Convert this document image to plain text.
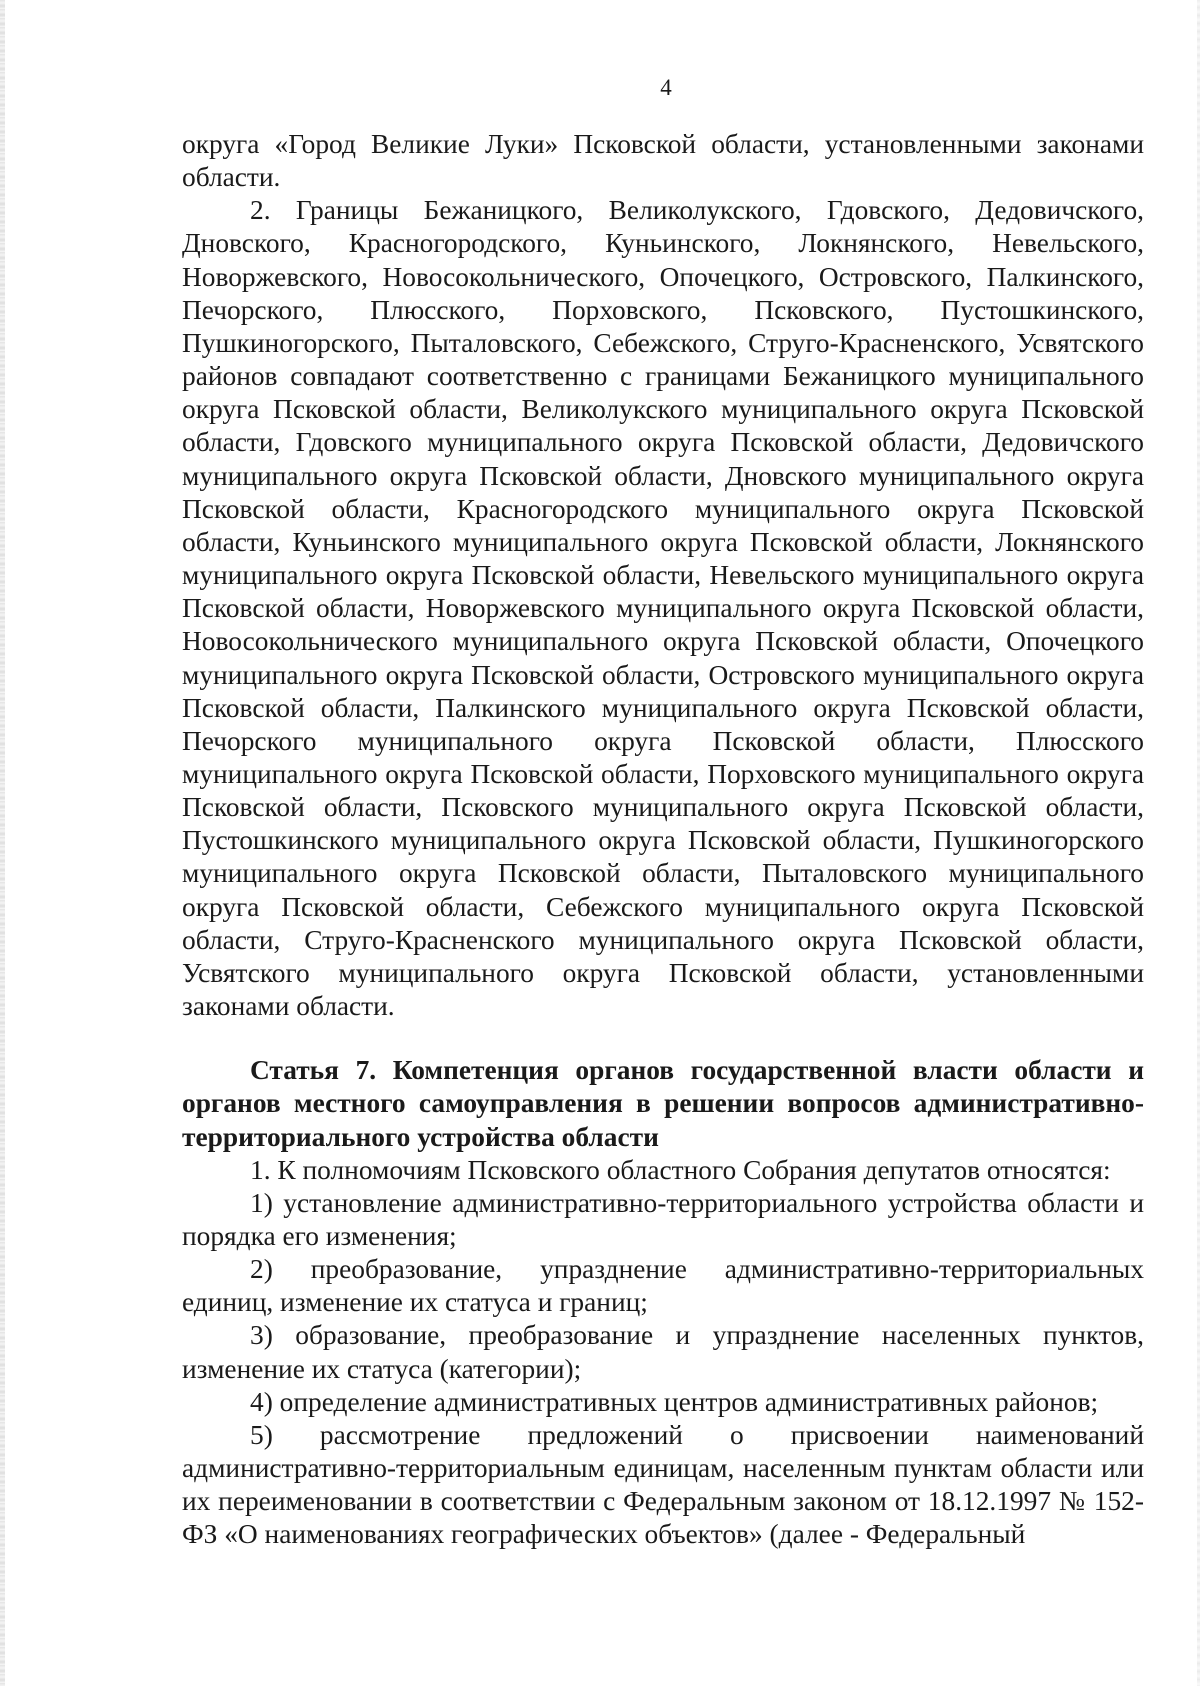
4

округа «Город Великие Луки» Псковской области, установленными законами области.

2. Границы Бежаницкого, Великолукского, Гдовского, Дедовичского, Дновского, Красногородского, Куньинского, Локнянского, Невельского, Новоржевского, Новосокольнического, Опочецкого, Островского, Палкинского, Печорского, Плюсского, Порховского, Псковского, Пустошкинского, Пушкиногорского, Пыталовского, Себежского, Струго-Красненского, Усвятского районов совпадают соответственно с границами Бежаницкого муниципального округа Псковской области, Великолукского муниципального округа Псковской области, Гдовского муниципального округа Псковской области, Дедовичского муниципального округа Псковской области, Дновского муниципального округа Псковской области, Красногородского муниципального округа Псковской области, Куньинского муниципального округа Псковской области, Локнянского муниципального округа Псковской области, Невельского муниципального округа Псковской области, Новоржевского муниципального округа Псковской области, Новосокольнического муниципального округа Псковской области, Опочецкого муниципального округа Псковской области, Островского муниципального округа Псковской области, Палкинского муниципального округа Псковской области, Печорского муниципального округа Псковской области, Плюсского муниципального округа Псковской области, Порховского муниципального округа Псковской области, Псковского муниципального округа Псковской области, Пустошкинского муниципального округа Псковской области, Пушкиногорского муниципального округа Псковской области, Пыталовского муниципального округа Псковской области, Себежского муниципального округа Псковской области, Струго-Красненского муниципального округа Псковской области, Усвятского муниципального округа Псковской области, установленными законами области.

Статья 7. Компетенция органов государственной власти области и органов местного самоуправления в решении вопросов административно-территориального устройства области

1. К полномочиям Псковского областного Собрания депутатов относятся:

1) установление административно-территориального устройства области и порядка его изменения;

2) преобразование, упразднение административно-территориальных единиц, изменение их статуса и границ;

3) образование, преобразование и упразднение населенных пунктов, изменение их статуса (категории);

4) определение административных центров административных районов;

5) рассмотрение предложений о присвоении наименований административно-территориальным единицам, населенным пунктам области или их переименовании в соответствии с Федеральным законом от 18.12.1997 № 152-ФЗ «О наименованиях географических объектов» (далее - Федеральный
